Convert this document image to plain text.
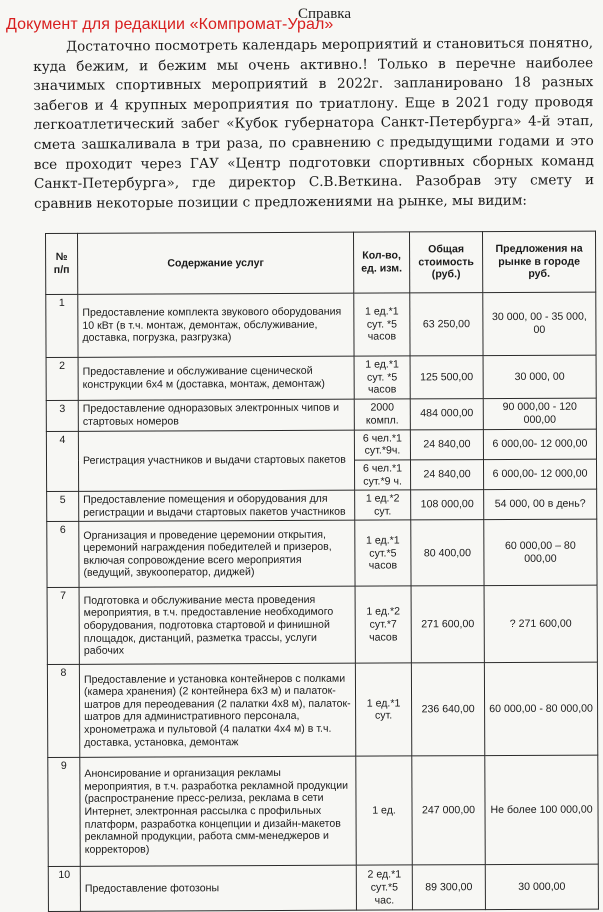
Справка
Документ для редакции «Компромат-Урал»
Достаточно посмотреть календарь мероприятий и становиться понятно, куда бежим, и бежим мы очень активно.! Только в перечне наиболее значимых спортивных мероприятий в 2022г. запланировано 18 разных забегов и 4 крупных мероприятия по триатлону. Еще в 2021 году проводя легкоатлетический забег «Кубок губернатора Санкт-Петербурга» 4-й этап, смета зашкаливала в три раза, по сравнению с предыдущими годами и это все проходит через ГАУ «Центр подготовки спортивных сборных команд Санкт-Петербурга», где директор С.В.Веткина. Разобрав эту смету и сравнив некоторые позиции с предложениями на рынке, мы видим:
№ п/п	Содержание услуг	Кол-во, ед. изм.	Общая стоимость (руб.)	Предложения на рынке в городе руб.
1	Предоставление комплекта звукового оборудования 10 кВт (в т.ч. монтаж, демонтаж, обслуживание, доставка, погрузка, разгрузка)	1 ед.*1 сут. *5 часов	63 250,00	30 000, 00 - 35 000, 00
2	Предоставление и обслуживание сценической конструкции 6х4 м (доставка, монтаж, демонтаж)	1 ед.*1 сут. *5 часов	125 500,00	30 000, 00
3	Предоставление одноразовых электронных чипов и стартовых номеров	2000 компл.	484 000,00	90 000,00 - 120 000,00
4	Регистрация участников и выдачи стартовых пакетов	6 чел.*1 сут.*9ч.	24 840,00	6 000,00- 12 000,00
		6 чел.*1 сут.*9 ч.	24 840,00	6 000,00- 12 000,00
5	Предоставление помещения и оборудования для регистрации и выдачи стартовых пакетов участников	1 ед.*2 сут.	108 000,00	54 000, 00 в день?
6	Организация и проведение церемонии открытия, церемоний награждения победителей и призеров, включая сопровождение всего мероприятия (ведущий, звукооператор, диджей)	1 ед.*1 сут.*5 часов	80 400,00	60 000,00 – 80 000,00
7	Подготовка и обслуживание места проведения мероприятия, в т.ч. предоставление необходимого оборудования, подготовка стартовой и финишной площадок, дистанций, разметка трассы, услуги рабочих	1 ед.*2 сут.*7 часов	271 600,00	? 271 600,00
8	Предоставление и установка контейнеров с полками (камера хранения) (2 контейнера 6х3 м) и палаток-шатров для переодевания (2 палатки 4х8 м), палаток-шатров для административного персонала, хронометража и пультовой (4 палатки 4х4 м) в т.ч. доставка, установка, демонтаж	1 ед.*1 сут.	236 640,00	60 000,00 - 80 000,00
9	Анонсирование и организация рекламы мероприятия, в т.ч. разработка рекламной продукции (распространение пресс-релиза, реклама в сети Интернет, электронная рассылка с профильных платформ, разработка концепции и дизайн-макетов рекламной продукции, работа смм-менеджеров и корректоров)	1 ед.	247 000,00	Не более 100 000,00
10	Предоставление фотозоны	2 ед.*1 сут.*5 час.	89 300,00	30 000,00
